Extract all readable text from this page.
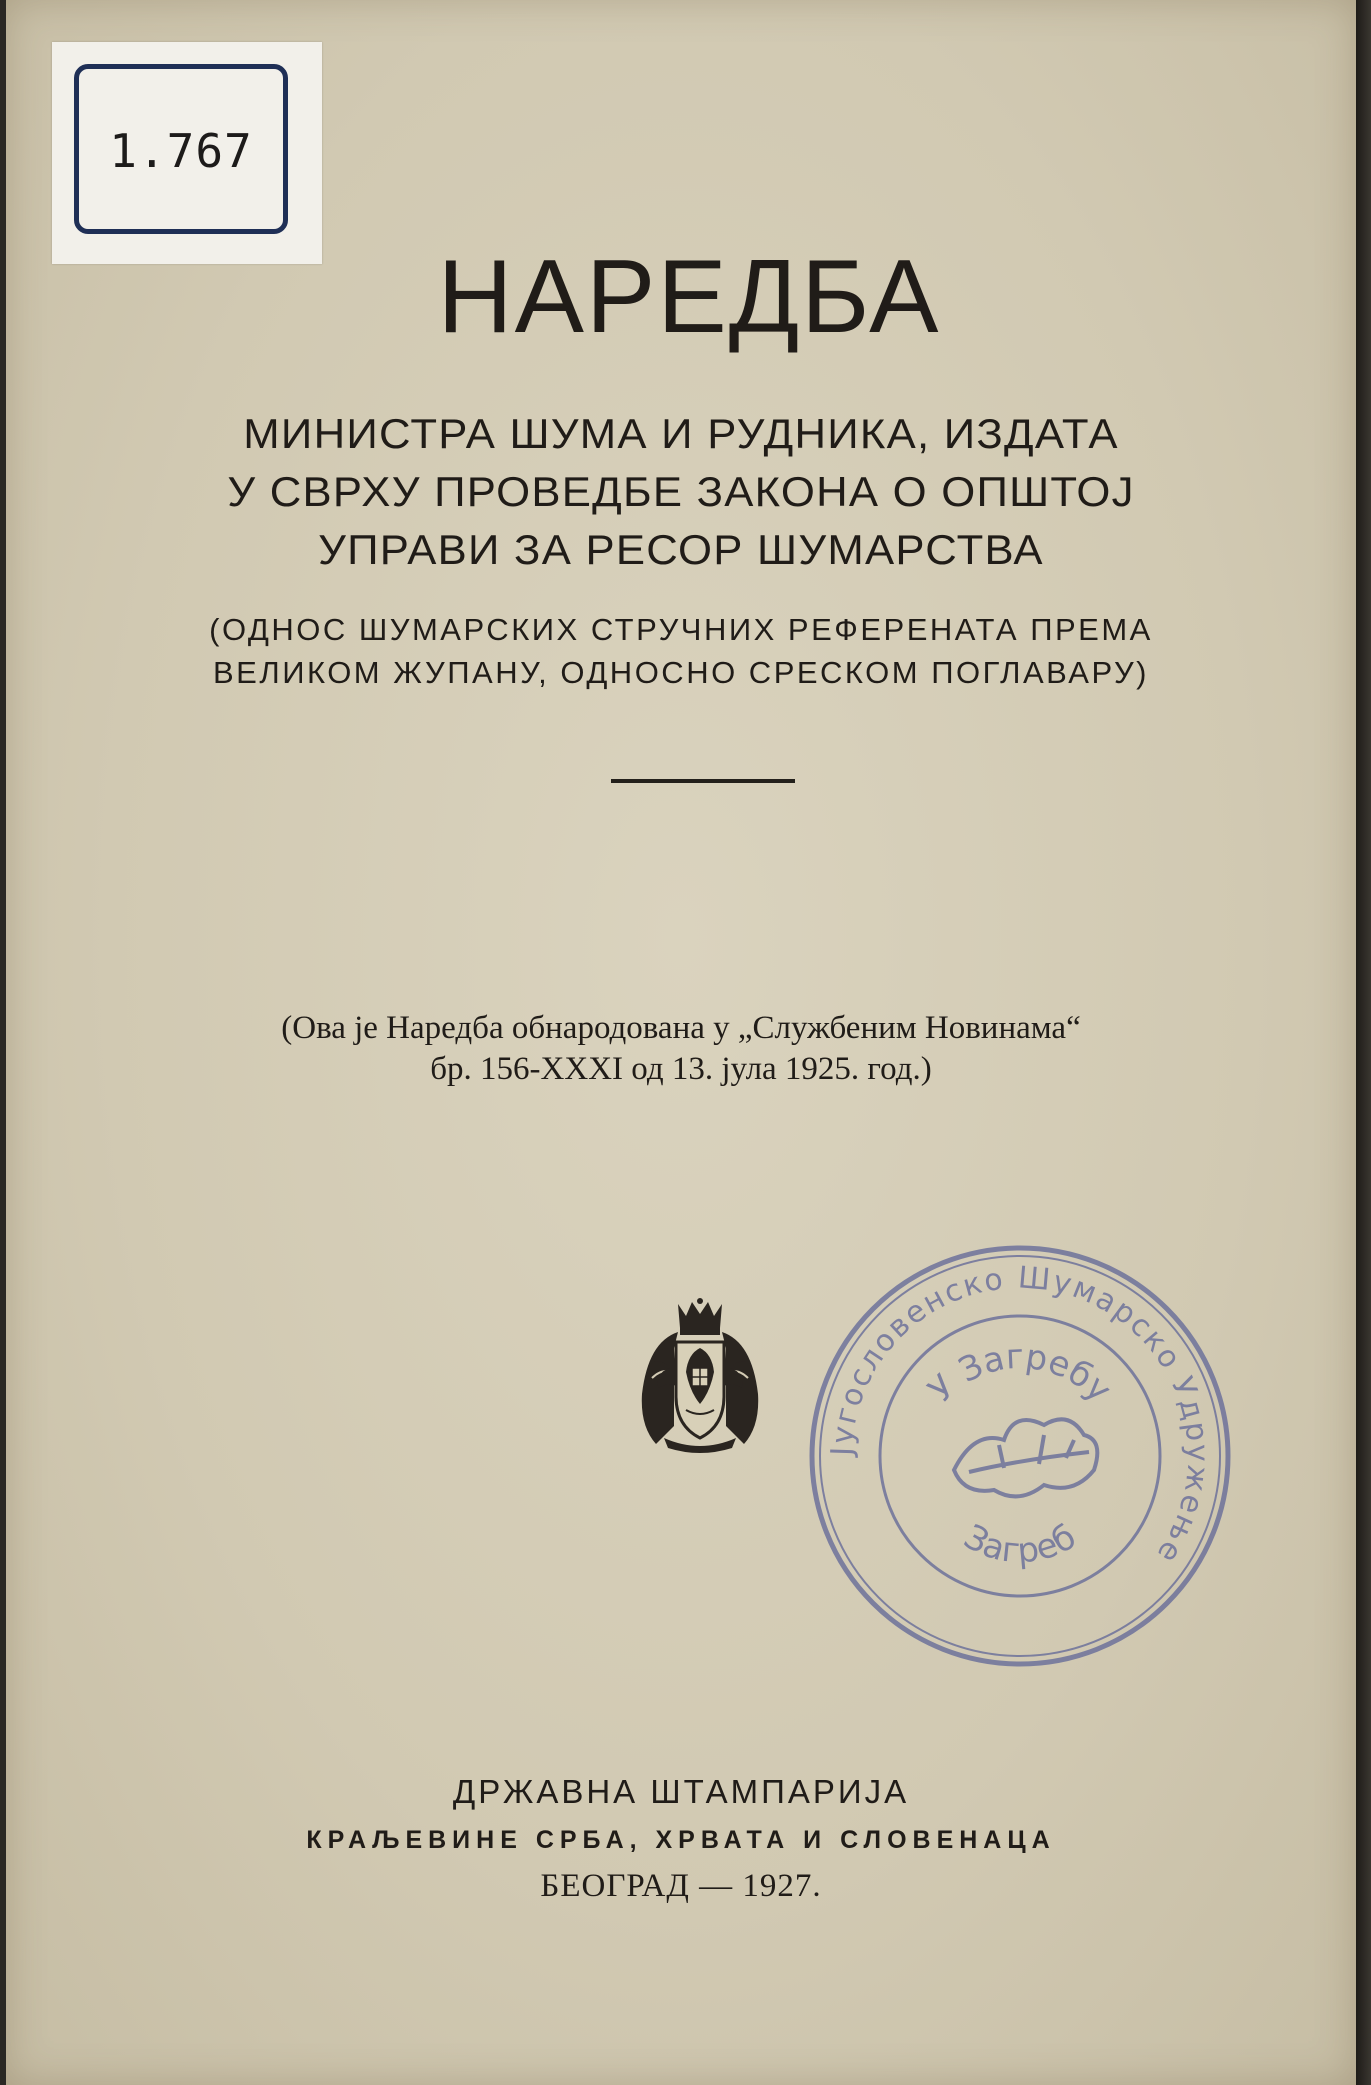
1.767
НАРЕДБА
МИНИСТРА ШУМА И РУДНИКА, ИЗДАТА
У СВРХУ ПРОВЕДБЕ ЗАКОНА О ОПШТОЈ
УПРАВИ ЗА РЕСОР ШУМАРСТВА
(ОДНОС ШУМАРСКИХ СТРУЧНИХ РЕФЕРЕНАТА ПРЕМА
ВЕЛИКОМ ЖУПАНУ, ОДНОСНО СРЕСКОМ ПОГЛАВАРУ)
(Ова је Наредба обнародована у „Службеним Новинама“
бр. 156-XXXI од 13. јула 1925. год.)
Југословенско Шумарско Удружење
У Загребу
Загреб
ДРЖАВНА ШТАМПАРИЈА
КРАЉЕВИНЕ СРБА, ХРВАТА И СЛОВЕНАЦА
БЕОГРАД — 1927.
